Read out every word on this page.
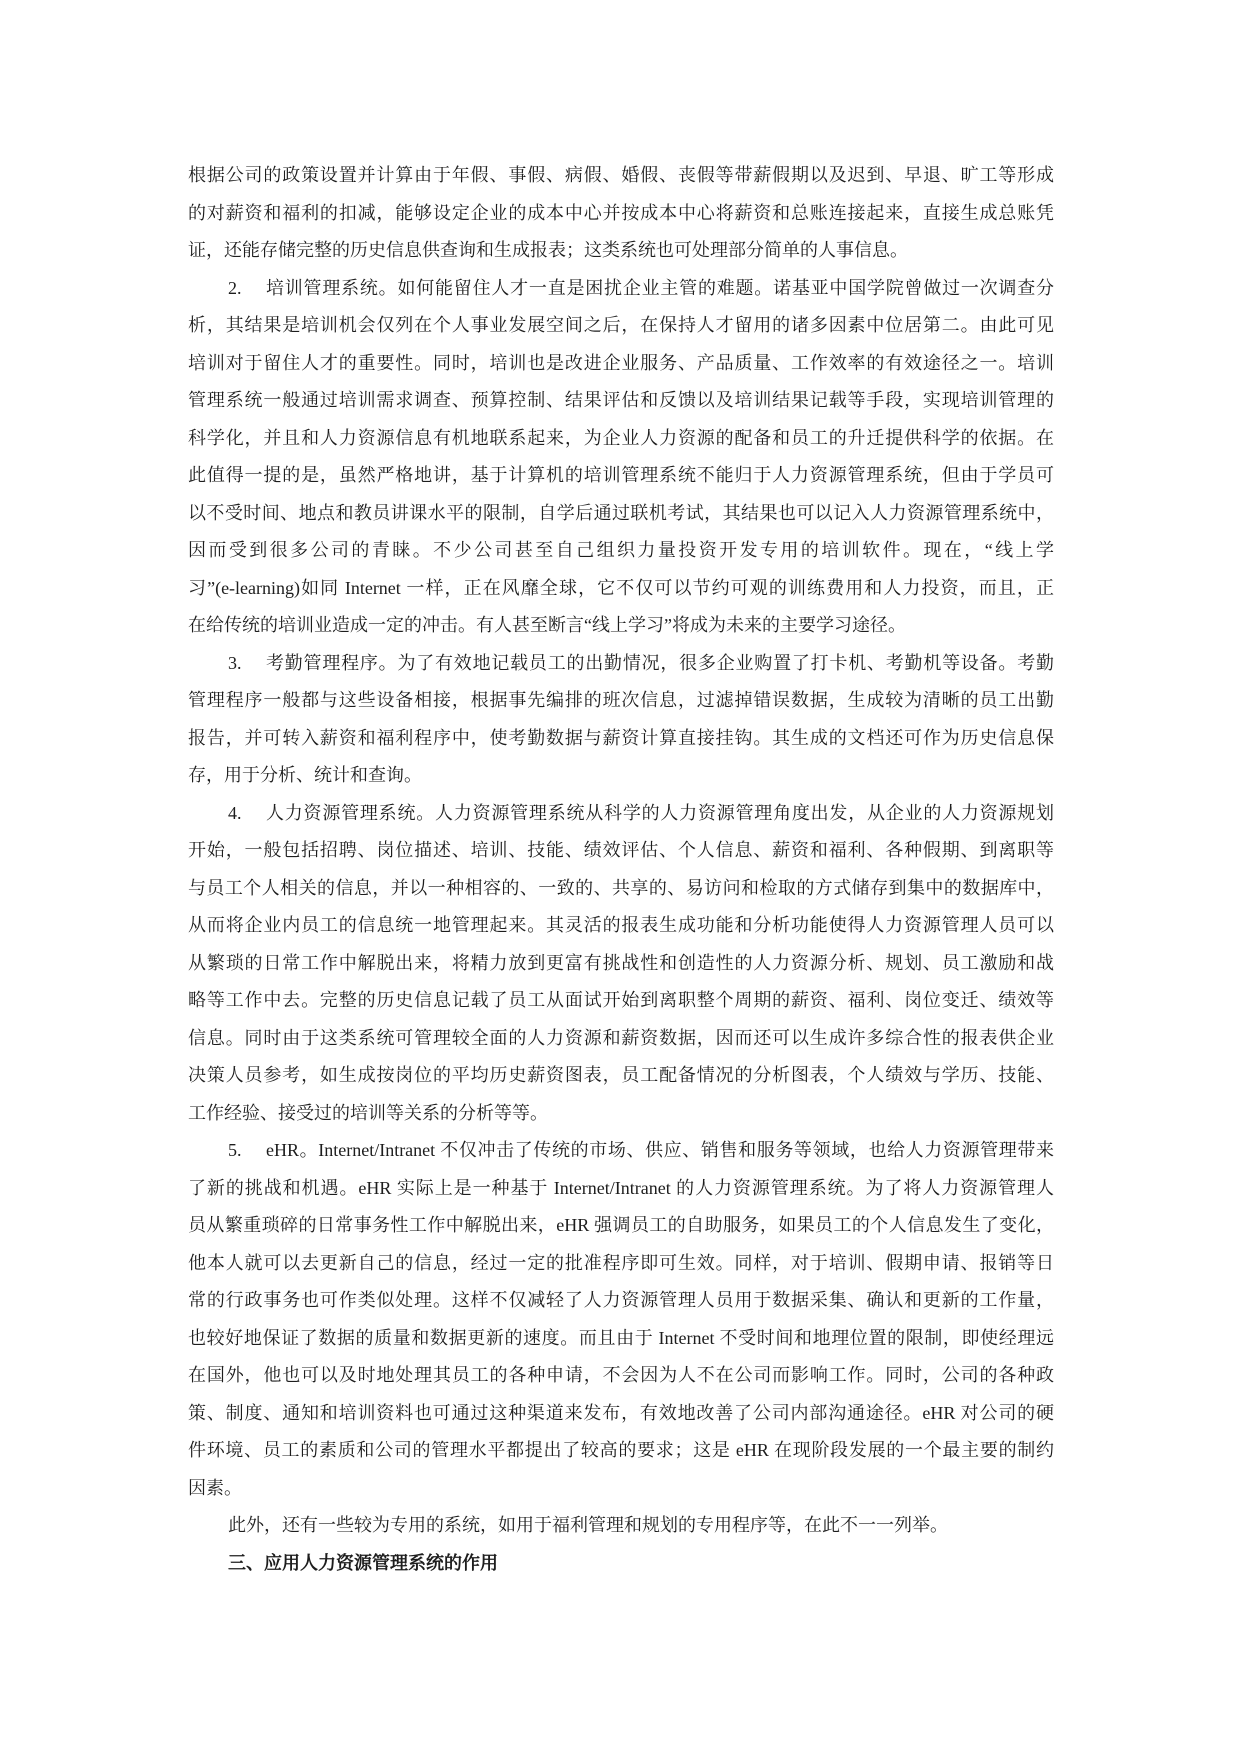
根据公司的政策设置并计算由于年假、事假、病假、婚假、丧假等带薪假期以及迟到、早退、旷工等形成
的对薪资和福利的扣减，能够设定企业的成本中心并按成本中心将薪资和总账连接起来，直接生成总账凭
证，还能存储完整的历史信息供查询和生成报表；这类系统也可处理部分简单的人事信息。
2.	培训管理系统。如何能留住人才一直是困扰企业主管的难题。诺基亚中国学院曾做过一次调查分
析，其结果是培训机会仅列在个人事业发展空间之后，在保持人才留用的诸多因素中位居第二。由此可见
培训对于留住人才的重要性。同时，培训也是改进企业服务、产品质量、工作效率的有效途径之一。培训
管理系统一般通过培训需求调查、预算控制、结果评估和反馈以及培训结果记载等手段，实现培训管理的
科学化，并且和人力资源信息有机地联系起来，为企业人力资源的配备和员工的升迁提供科学的依据。在
此值得一提的是，虽然严格地讲，基于计算机的培训管理系统不能归于人力资源管理系统，但由于学员可
以不受时间、地点和教员讲课水平的限制，自学后通过联机考试，其结果也可以记入人力资源管理系统中，
因而受到很多公司的青睐。不少公司甚至自己组织力量投资开发专用的培训软件。现在，“线上学
习”(e-learning)如同 Internet 一样，正在风靡全球，它不仅可以节约可观的训练费用和人力投资，而且，正
在给传统的培训业造成一定的冲击。有人甚至断言“线上学习”将成为未来的主要学习途径。
3.	考勤管理程序。为了有效地记载员工的出勤情况，很多企业购置了打卡机、考勤机等设备。考勤
管理程序一般都与这些设备相接，根据事先编排的班次信息，过滤掉错误数据，生成较为清晰的员工出勤
报告，并可转入薪资和福利程序中，使考勤数据与薪资计算直接挂钩。其生成的文档还可作为历史信息保
存，用于分析、统计和查询。
4.	人力资源管理系统。人力资源管理系统从科学的人力资源管理角度出发，从企业的人力资源规划
开始，一般包括招聘、岗位描述、培训、技能、绩效评估、个人信息、薪资和福利、各种假期、到离职等
与员工个人相关的信息，并以一种相容的、一致的、共享的、易访问和检取的方式储存到集中的数据库中，
从而将企业内员工的信息统一地管理起来。其灵活的报表生成功能和分析功能使得人力资源管理人员可以
从繁琐的日常工作中解脱出来，将精力放到更富有挑战性和创造性的人力资源分析、规划、员工激励和战
略等工作中去。完整的历史信息记载了员工从面试开始到离职整个周期的薪资、福利、岗位变迁、绩效等
信息。同时由于这类系统可管理较全面的人力资源和薪资数据，因而还可以生成许多综合性的报表供企业
决策人员参考，如生成按岗位的平均历史薪资图表，员工配备情况的分析图表，个人绩效与学历、技能、
工作经验、接受过的培训等关系的分析等等。
5.	eHR。Internet/Intranet 不仅冲击了传统的市场、供应、销售和服务等领域，也给人力资源管理带来
了新的挑战和机遇。eHR 实际上是一种基于 Internet/Intranet 的人力资源管理系统。为了将人力资源管理人
员从繁重琐碎的日常事务性工作中解脱出来，eHR 强调员工的自助服务，如果员工的个人信息发生了变化，
他本人就可以去更新自己的信息，经过一定的批准程序即可生效。同样，对于培训、假期申请、报销等日
常的行政事务也可作类似处理。这样不仅减轻了人力资源管理人员用于数据采集、确认和更新的工作量，
也较好地保证了数据的质量和数据更新的速度。而且由于 Internet 不受时间和地理位置的限制，即使经理远
在国外，他也可以及时地处理其员工的各种申请，不会因为人不在公司而影响工作。同时，公司的各种政
策、制度、通知和培训资料也可通过这种渠道来发布，有效地改善了公司内部沟通途径。eHR 对公司的硬
件环境、员工的素质和公司的管理水平都提出了较高的要求；这是 eHR 在现阶段发展的一个最主要的制约
因素。
此外，还有一些较为专用的系统，如用于福利管理和规划的专用程序等，在此不一一列举。
三、应用人力资源管理系统的作用
